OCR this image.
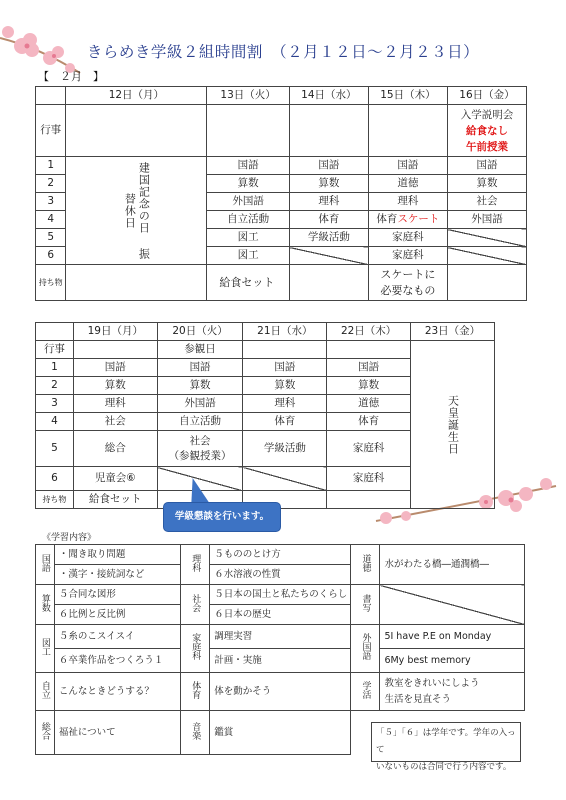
きらめき学級２組時間割　（２月１２日～２月２３日）
【　２月　】
	12日（月）	13日（火）	14日（水）	15日（木）	16日（金）
行事					入学説明会
給食なし
午前授業

1	建国記念の日 振替休日	国語	国語	国語	国語
2		算数	算数	道徳	算数
3		外国語	理科	理科	社会
4		自立活動	体育	体育スケート	外国語
5		図工	学級活動	家庭科	
6		図工		家庭科	
持ち物		給食セット		スケートに
必要なもの	

	19日（月）	20日（火）	21日（水）	22日（木）	23日（金）
行事		参観日			天皇誕生日

1	国語	国語	国語	国語	
2	算数	算数	算数	算数	
3	理科	外国語	理科	道徳	
4	社会	自立活動	体育	体育	
5	総合	社会
（参観授業）	学級活動	家庭科	
6	児童会⑥			家庭科	
持ち物	給食セット				
学級懇談を行います。
《学習内容》
国語	・聞き取り問題	理科	５もののとけ方	道徳	水がわたる橋―通潤橋―
	・漢字・接続詞など		６水溶液の性質		
算数	５合同な図形	社会	５日本の国土と私たちのくらし	書写	
	６比例と反比例		６日本の歴史		
図工	５糸のこスイスイ	家庭科	調理実習	外国語	5I have P.E on Monday
	６卒業作品をつくろう１		計画・実施		6My best memory
自立	こんなときどうする？	体育	体を動かそう	学活	教室をきれいにしよう
生活を見直そう

総合	福祉について	音楽	鑑賞			「５」「６」は学年です。学年の入って
いないものは合同で行う内容です。
